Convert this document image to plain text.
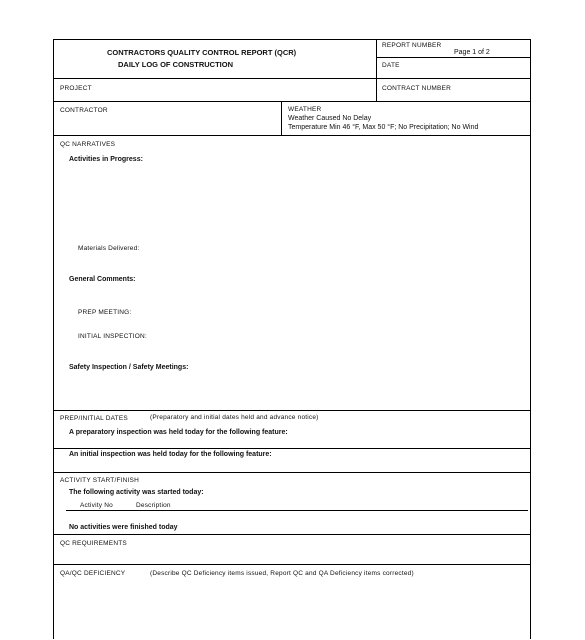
CONTRACTORS QUALITY CONTROL REPORT (QCR)
DAILY LOG OF CONSTRUCTION
REPORT NUMBER
Page 1 of 2
DATE
PROJECT	CONTRACT NUMBER
CONTRACTOR	WEATHER
Weather Caused No Delay
Temperature Min 46 °F, Max 50 °F; No Precipitation; No Wind
QC NARRATIVES
Activities in Progress:
Materials Delivered:
General Comments:
PREP MEETING:
INITIAL INSPECTION:
Safety Inspection / Safety Meetings:
PREP/INITIAL DATES	(Preparatory and initial dates held and advance notice)
A preparatory inspection was held today for the following feature:
An initial inspection was held today for the following feature:
ACTIVITY START/FINISH
The following activity was started today:
Activity No	Description
No activities were finished today
QC REQUIREMENTS
QA/QC DEFICIENCY	(Describe QC Deficiency items issued, Report QC and QA Deficiency items corrected)
